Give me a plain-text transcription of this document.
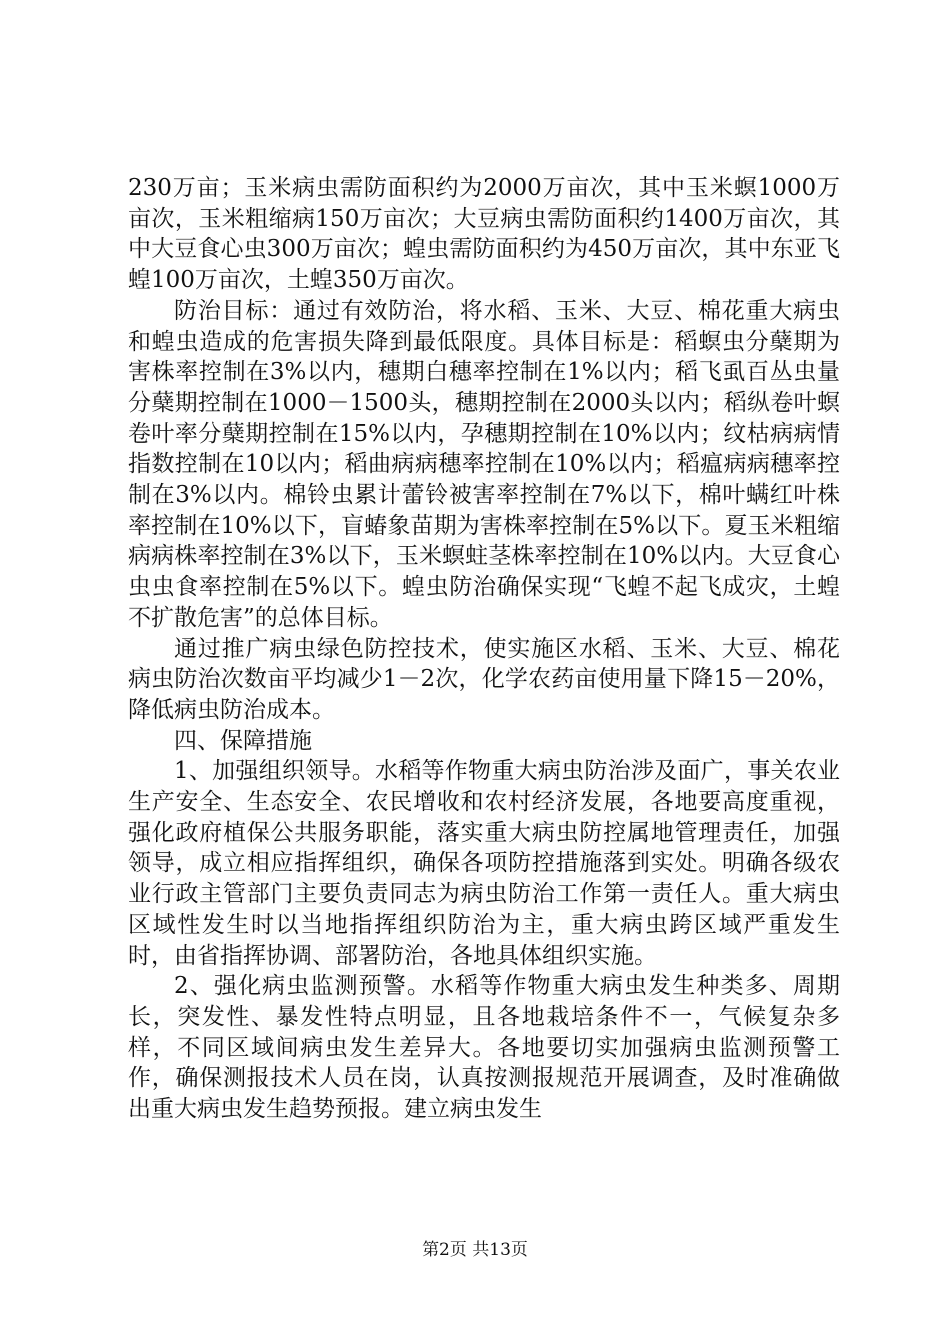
230万亩；玉米病虫需防面积约为2000万亩次，其中玉米螟1000万亩次，玉米粗缩病150万亩次；大豆病虫需防面积约1400万亩次，其中大豆食心虫300万亩次；蝗虫需防面积约为450万亩次，其中东亚飞蝗100万亩次，土蝗350万亩次。

防治目标：通过有效防治，将水稻、玉米、大豆、棉花重大病虫和蝗虫造成的危害损失降到最低限度。具体目标是：稻螟虫分蘖期为害株率控制在3%以内，穗期白穗率控制在1%以内；稻飞虱百丛虫量分蘖期控制在1000－1500头，穗期控制在2000头以内；稻纵卷叶螟卷叶率分蘖期控制在15%以内，孕穗期控制在10%以内；纹枯病病情指数控制在10以内；稻曲病病穗率控制在10%以内；稻瘟病病穗率控制在3%以内。棉铃虫累计蕾铃被害率控制在7%以下，棉叶螨红叶株率控制在10%以下，盲蝽象苗期为害株率控制在5%以下。夏玉米粗缩病病株率控制在3%以下，玉米螟蛀茎株率控制在10%以内。大豆食心虫虫食率控制在5%以下。蝗虫防治确保实现“飞蝗不起飞成灾，土蝗不扩散危害”的总体目标。

通过推广病虫绿色防控技术，使实施区水稻、玉米、大豆、棉花病虫防治次数亩平均减少1－2次，化学农药亩使用量下降15－20%，降低病虫防治成本。

四、保障措施

1、加强组织领导。水稻等作物重大病虫防治涉及面广，事关农业生产安全、生态安全、农民增收和农村经济发展，各地要高度重视，强化政府植保公共服务职能，落实重大病虫防控属地管理责任，加强领导，成立相应指挥组织，确保各项防控措施落到实处。明确各级农业行政主管部门主要负责同志为病虫防治工作第一责任人。重大病虫区域性发生时以当地指挥组织防治为主，重大病虫跨区域严重发生时，由省指挥协调、部署防治，各地具体组织实施。

2、强化病虫监测预警。水稻等作物重大病虫发生种类多、周期长，突发性、暴发性特点明显，且各地栽培条件不一，气候复杂多样，不同区域间病虫发生差异大。各地要切实加强病虫监测预警工作，确保测报技术人员在岗，认真按测报规范开展调查，及时准确做出重大病虫发生趋势预报。建立病虫发生

第2页 共13页
